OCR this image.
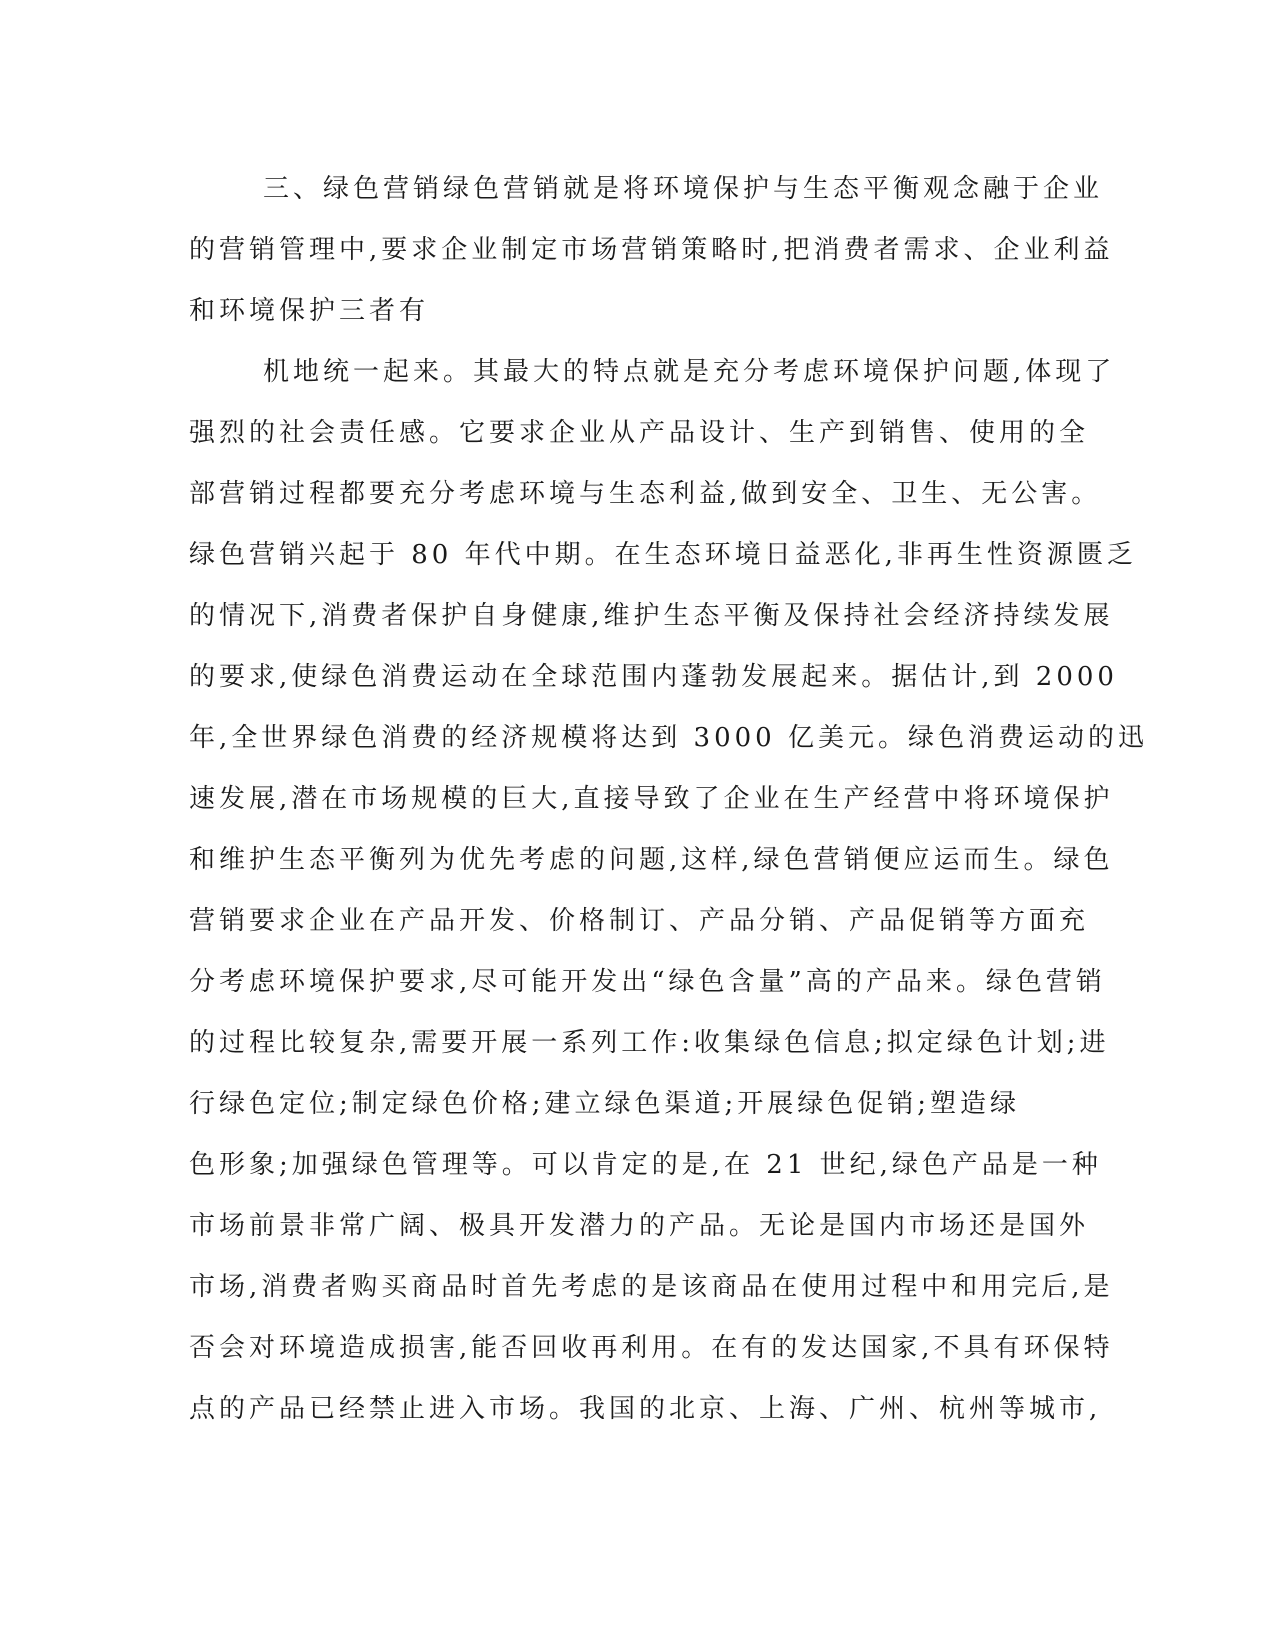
三、绿色营销绿色营销就是将环境保护与生态平衡观念融于企业
的营销管理中,要求企业制定市场营销策略时,把消费者需求、企业利益
和环境保护三者有
机地统一起来。其最大的特点就是充分考虑环境保护问题,体现了
强烈的社会责任感。它要求企业从产品设计、生产到销售、使用的全
部营销过程都要充分考虑环境与生态利益,做到安全、卫生、无公害。
绿色营销兴起于 80 年代中期。在生态环境日益恶化,非再生性资源匮乏
的情况下,消费者保护自身健康,维护生态平衡及保持社会经济持续发展
的要求,使绿色消费运动在全球范围内蓬勃发展起来。据估计,到 2000
年,全世界绿色消费的经济规模将达到 3000 亿美元。绿色消费运动的迅
速发展,潜在市场规模的巨大,直接导致了企业在生产经营中将环境保护
和维护生态平衡列为优先考虑的问题,这样,绿色营销便应运而生。绿色
营销要求企业在产品开发、价格制订、产品分销、产品促销等方面充
分考虑环境保护要求,尽可能开发出“绿色含量”高的产品来。绿色营销
的过程比较复杂,需要开展一系列工作:收集绿色信息;拟定绿色计划;进
行绿色定位;制定绿色价格;建立绿色渠道;开展绿色促销;塑造绿
色形象;加强绿色管理等。可以肯定的是,在 21 世纪,绿色产品是一种
市场前景非常广阔、极具开发潜力的产品。无论是国内市场还是国外
市场,消费者购买商品时首先考虑的是该商品在使用过程中和用完后,是
否会对环境造成损害,能否回收再利用。在有的发达国家,不具有环保特
点的产品已经禁止进入市场。我国的北京、上海、广州、杭州等城市,
